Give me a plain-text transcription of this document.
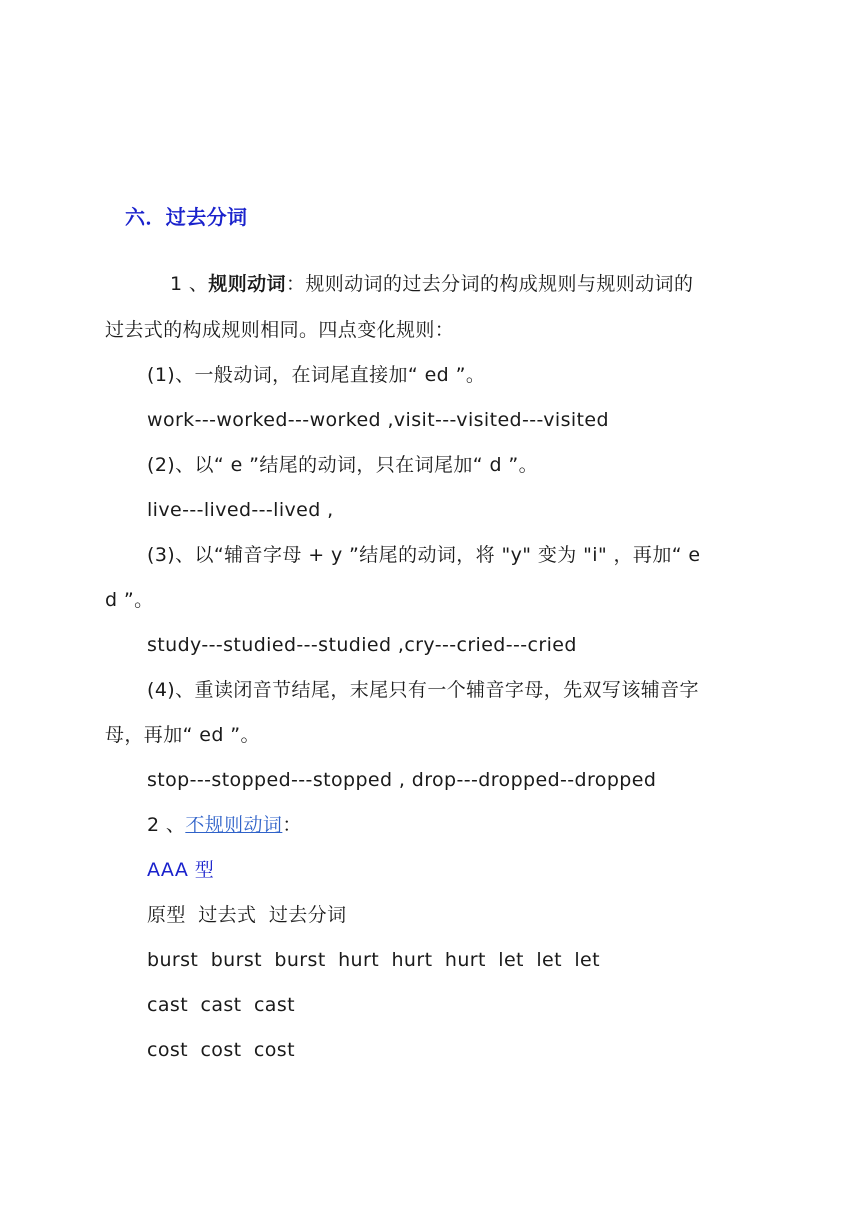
六．过去分词
1 、规则动词：规则动词的过去分词的构成规则与规则动词的
过去式的构成规则相同。四点变化规则：
(1)、一般动词，在词尾直接加“ ed ”。
work---worked---worked ,visit---visited---visited
(2)、以“ e ”结尾的动词，只在词尾加“ d ”。
live---lived---lived ,
(3)、以“辅音字母 + y ”结尾的动词，将 "y" 变为 "i" ，再加“ e
d ”。
study---studied---studied ,cry---cried---cried
(4)、重读闭音节结尾，末尾只有一个辅音字母，先双写该辅音字
母，再加“ ed ”。
stop---stopped---stopped , drop---dropped--dropped
2 、不规则动词：
AAA 型
原型 过去式 过去分词
burst burst burst hurt hurt hurt let let let
cast cast cast
cost cost cost
